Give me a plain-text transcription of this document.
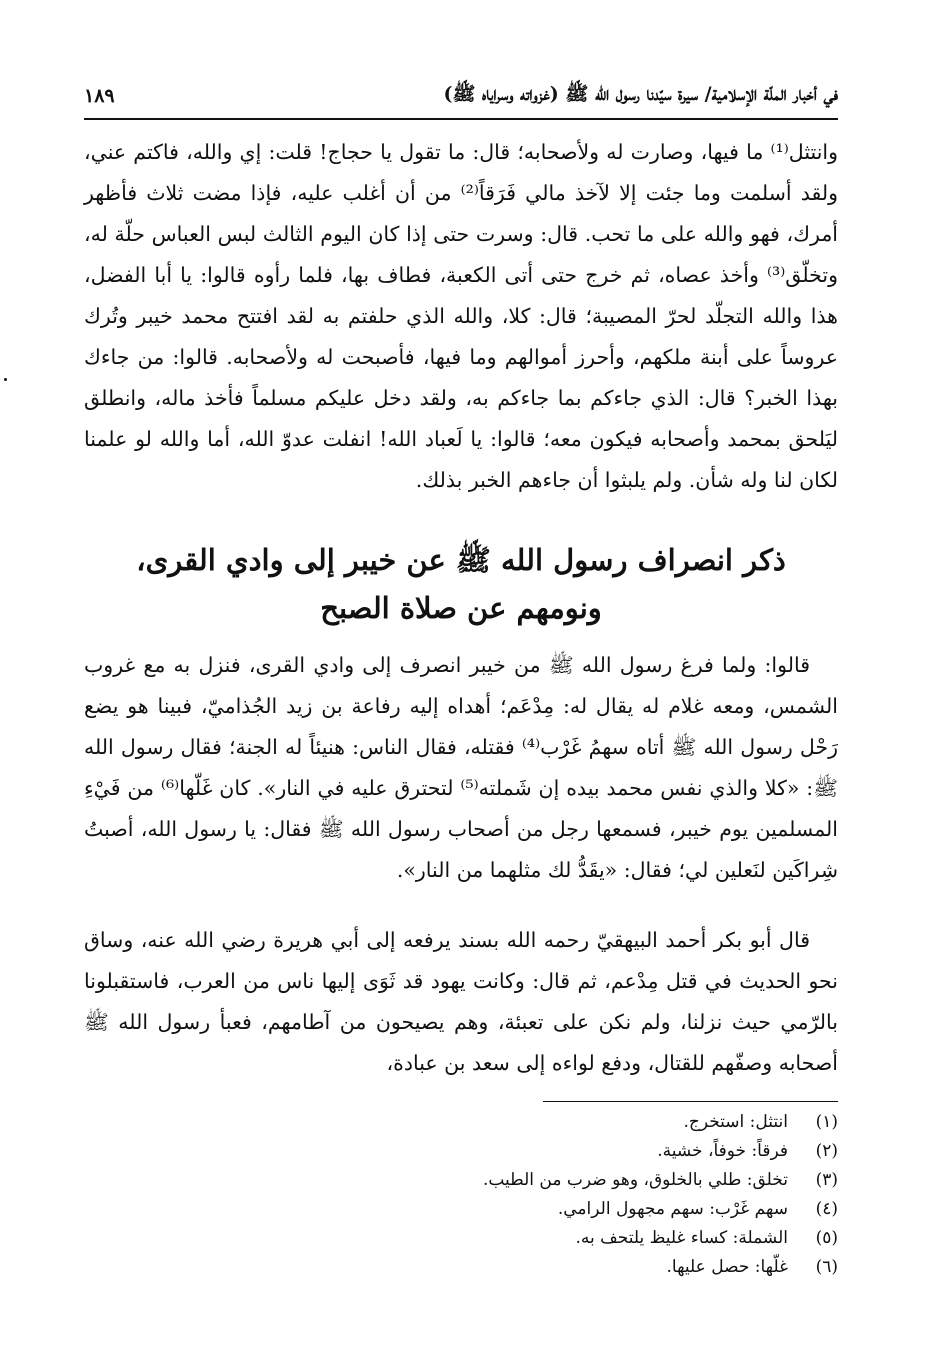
في أخبار الملّة الإسلامية/ سيرة سيّدنا رسول الله ﷺ (غزواته وسراياه ﷺ)
١٨٩
وانتثل⁽¹⁾ ما فيها، وصارت له ولأصحابه؛ قال: ما تقول يا حجاج! قلت: إي والله، فاكتم عني، ولقد أسلمت وما جئت إلا لآخذ مالي فَرَقاً⁽²⁾ من أن أغلب عليه، فإذا مضت ثلاث فأظهر أمرك، فهو والله على ما تحب. قال: وسرت حتى إذا كان اليوم الثالث لبس العباس حلّة له، وتخلّق⁽³⁾ وأخذ عصاه، ثم خرج حتى أتى الكعبة، فطاف بها، فلما رأوه قالوا: يا أبا الفضل، هذا والله التجلّد لحرّ المصيبة؛ قال: كلا، والله الذي حلفتم به لقد افتتح محمد خيبر وتُرك عروساً على أبنة ملكهم، وأحرز أموالهم وما فيها، فأصبحت له ولأصحابه. قالوا: من جاءك بهذا الخبر؟ قال: الذي جاءكم بما جاءكم به، ولقد دخل عليكم مسلماً فأخذ ماله، وانطلق ليَلحق بمحمد وأصحابه فيكون معه؛ قالوا: يا لَعباد الله! انفلت عدوّ الله، أما والله لو علمنا لكان لنا وله شأن. ولم يلبثوا أن جاءهم الخبر بذلك.
ذكر انصراف رسول الله ﷺ عن خيبر إلى وادي القرى،
ونومهم عن صلاة الصبح
قالوا: ولما فرغ رسول الله ﷺ من خيبر انصرف إلى وادي القرى، فنزل به مع غروب الشمس، ومعه غلام له يقال له: مِدْعَم؛ أهداه إليه رفاعة بن زيد الجُذاميّ، فبينا هو يضع رَحْل رسول الله ﷺ أتاه سهمُ غَرْب⁽⁴⁾ فقتله، فقال الناس: هنيئاً له الجنة؛ فقال رسول الله ﷺ: «كلا والذي نفس محمد بيده إن شَملته⁽⁵⁾ لتحترق عليه في النار». كان غَلّها⁽⁶⁾ من فَيْءِ المسلمين يوم خيبر، فسمعها رجل من أصحاب رسول الله ﷺ فقال: يا رسول الله، أصبتُ شِراكَين لنَعلين لي؛ فقال: «يقَدُّ لك مثلهما من النار».
قال أبو بكر أحمد البيهقيّ رحمه الله بسند يرفعه إلى أبي هريرة رضي الله عنه، وساق نحو الحديث في قتل مِدْعم، ثم قال: وكانت يهود قد ثَوَى إليها ناس من العرب، فاستقبلونا بالرّمي حيث نزلنا، ولم نكن على تعبئة، وهم يصيحون من آطامهم، فعبأ رسول الله ﷺ أصحابه وصفّهم للقتال، ودفع لواءه إلى سعد بن عبادة،
(١)
انتثل: استخرج.
(٢)
فرقاً: خوفاً، خشية.
(٣)
تخلق: طلي بالخلوق، وهو ضرب من الطيب.
(٤)
سهم غَرْب: سهم مجهول الرامي.
(٥)
الشملة: كساء غليظ يلتحف به.
(٦)
غلّها: حصل عليها.
